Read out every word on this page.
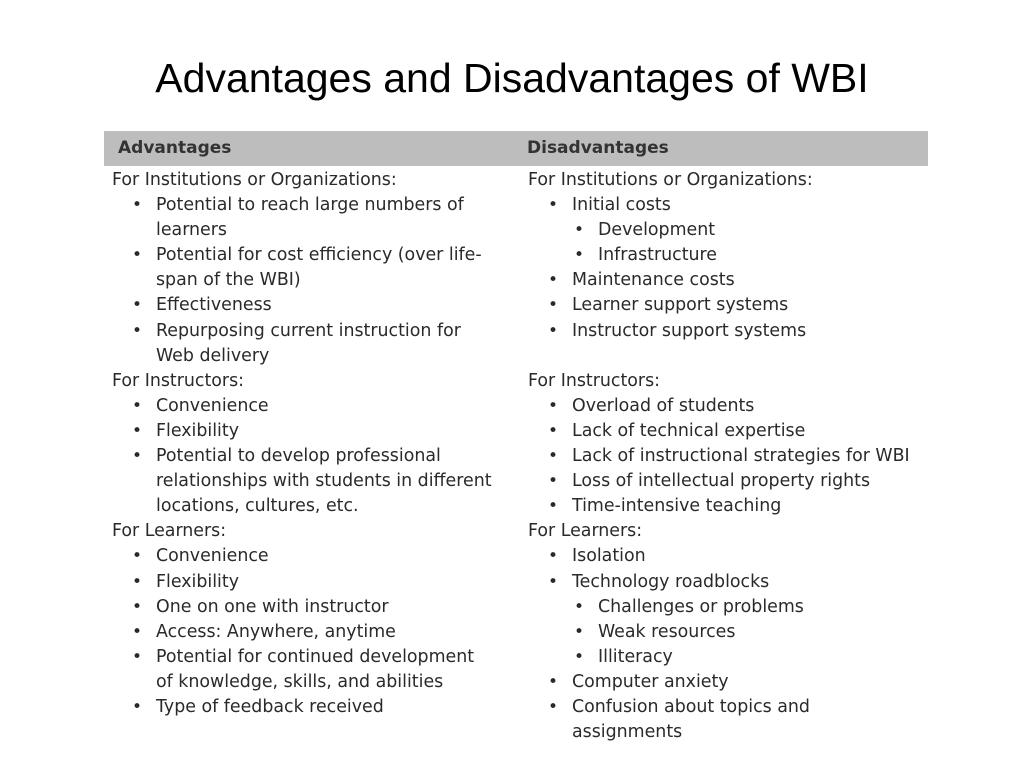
Advantages and Disadvantages of WBI
Advantages	Disadvantages
For Institutions or Organizations:
• Potential to reach large numbers of
learners
• Potential for cost efficiency (over life-
span of the WBI)
• Effectiveness
• Repurposing current instruction for
Web delivery
For Instructors:
• Convenience
• Flexibility
• Potential to develop professional
relationships with students in different
locations, cultures, etc.
For Learners:
• Convenience
• Flexibility
• One on one with instructor
• Access: Anywhere, anytime
• Potential for continued development
of knowledge, skills, and abilities
• Type of feedback received
For Institutions or Organizations:
• Initial costs
• Development
• Infrastructure
• Maintenance costs
• Learner support systems
• Instructor support systems
For Instructors:
• Overload of students
• Lack of technical expertise
• Lack of instructional strategies for WBI
• Loss of intellectual property rights
• Time-intensive teaching
For Learners:
• Isolation
• Technology roadblocks
• Challenges or problems
• Weak resources
• Illiteracy
• Computer anxiety
• Confusion about topics and
assignments
